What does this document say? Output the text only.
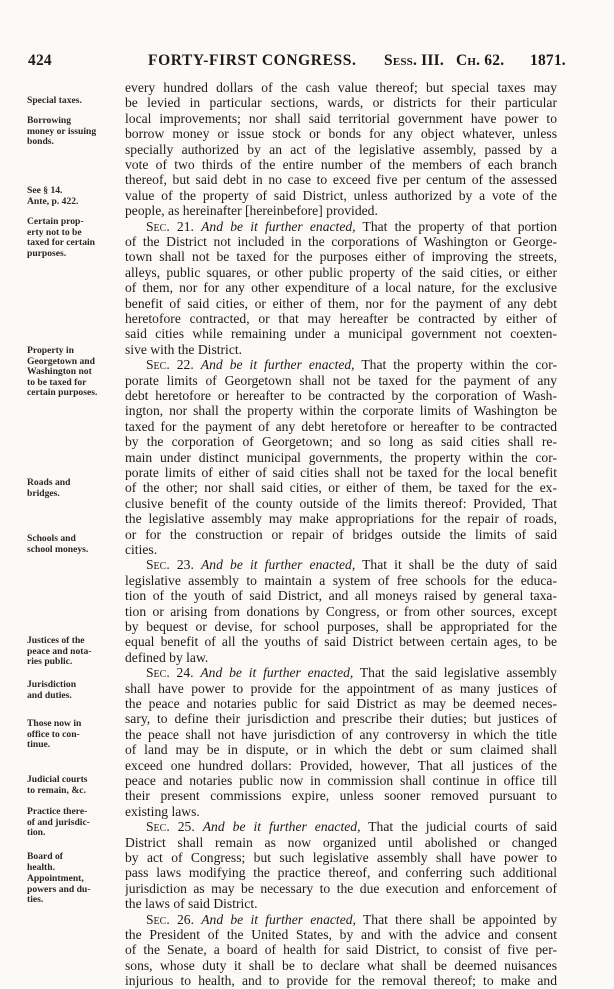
424	FORTY-FIRST CONGRESS. Sess. III. Ch. 62. 1871.
every hundred dollars of the cash value thereof; but special taxes may
be levied in particular sections, wards, or districts for their particular
local improvements; nor shall said territorial government have power to
borrow money or issue stock or bonds for any object whatever, unless
specially authorized by an act of the legislative assembly, passed by a
vote of two thirds of the entire number of the members of each branch
thereof, but said debt in no case to exceed five per centum of the assessed
value of the property of said District, unless authorized by a vote of the
people, as hereinafter [hereinbefore] provided.
Sec. 21. And be it further enacted, That the property of that portion
of the District not included in the corporations of Washington or George-
town shall not be taxed for the purposes either of improving the streets,
alleys, public squares, or other public property of the said cities, or either
of them, nor for any other expenditure of a local nature, for the exclusive
benefit of said cities, or either of them, nor for the payment of any debt
heretofore contracted, or that may hereafter be contracted by either of
said cities while remaining under a municipal government not coexten-
sive with the District.
Sec. 22. And be it further enacted, That the property within the cor-
porate limits of Georgetown shall not be taxed for the payment of any
debt heretofore or hereafter to be contracted by the corporation of Wash-
ington, nor shall the property within the corporate limits of Washington be
taxed for the payment of any debt heretofore or hereafter to be contracted
by the corporation of Georgetown; and so long as said cities shall re-
main under distinct municipal governments, the property within the cor-
porate limits of either of said cities shall not be taxed for the local benefit
of the other; nor shall said cities, or either of them, be taxed for the ex-
clusive benefit of the county outside of the limits thereof: Provided, That
the legislative assembly may make appropriations for the repair of roads,
or for the construction or repair of bridges outside the limits of said
cities.
Sec. 23. And be it further enacted, That it shall be the duty of said
legislative assembly to maintain a system of free schools for the educa-
tion of the youth of said District, and all moneys raised by general taxa-
tion or arising from donations by Congress, or from other sources, except
by bequest or devise, for school purposes, shall be appropriated for the
equal benefit of all the youths of said District between certain ages, to be
defined by law.
Sec. 24. And be it further enacted, That the said legislative assembly
shall have power to provide for the appointment of as many justices of
the peace and notaries public for said District as may be deemed neces-
sary, to define their jurisdiction and prescribe their duties; but justices of
the peace shall not have jurisdiction of any controversy in which the title
of land may be in dispute, or in which the debt or sum claimed shall
exceed one hundred dollars: Provided, however, That all justices of the
peace and notaries public now in commission shall continue in office till
their present commissions expire, unless sooner removed pursuant to
existing laws.
Sec. 25. And be it further enacted, That the judicial courts of said
District shall remain as now organized until abolished or changed
by act of Congress; but such legislative assembly shall have power to
pass laws modifying the practice thereof, and conferring such additional
jurisdiction as may be necessary to the due execution and enforcement of
the laws of said District.
Sec. 26. And be it further enacted, That there shall be appointed by
the President of the United States, by and with the advice and consent
of the Senate, a board of health for said District, to consist of five per-
sons, whose duty it shall be to declare what shall be deemed nuisances
injurious to health, and to provide for the removal thereof; to make and
Special taxes.
Borrowing
money or issuing
bonds.
See § 14.
Ante, p. 422.
Certain prop-
erty not to be
taxed for certain
purposes.
Property in
Georgetown and
Washington not
to be taxed for
certain purposes.
Roads and
bridges.
Schools and
school moneys.
Justices of the
peace and nota-
ries public.
Jurisdiction
and duties.
Those now in
office to con-
tinue.
Judicial courts
to remain, &c.
Practice there-
of and jurisdic-
tion.
Board of
health.
Appointment,
powers and du-
ties.
